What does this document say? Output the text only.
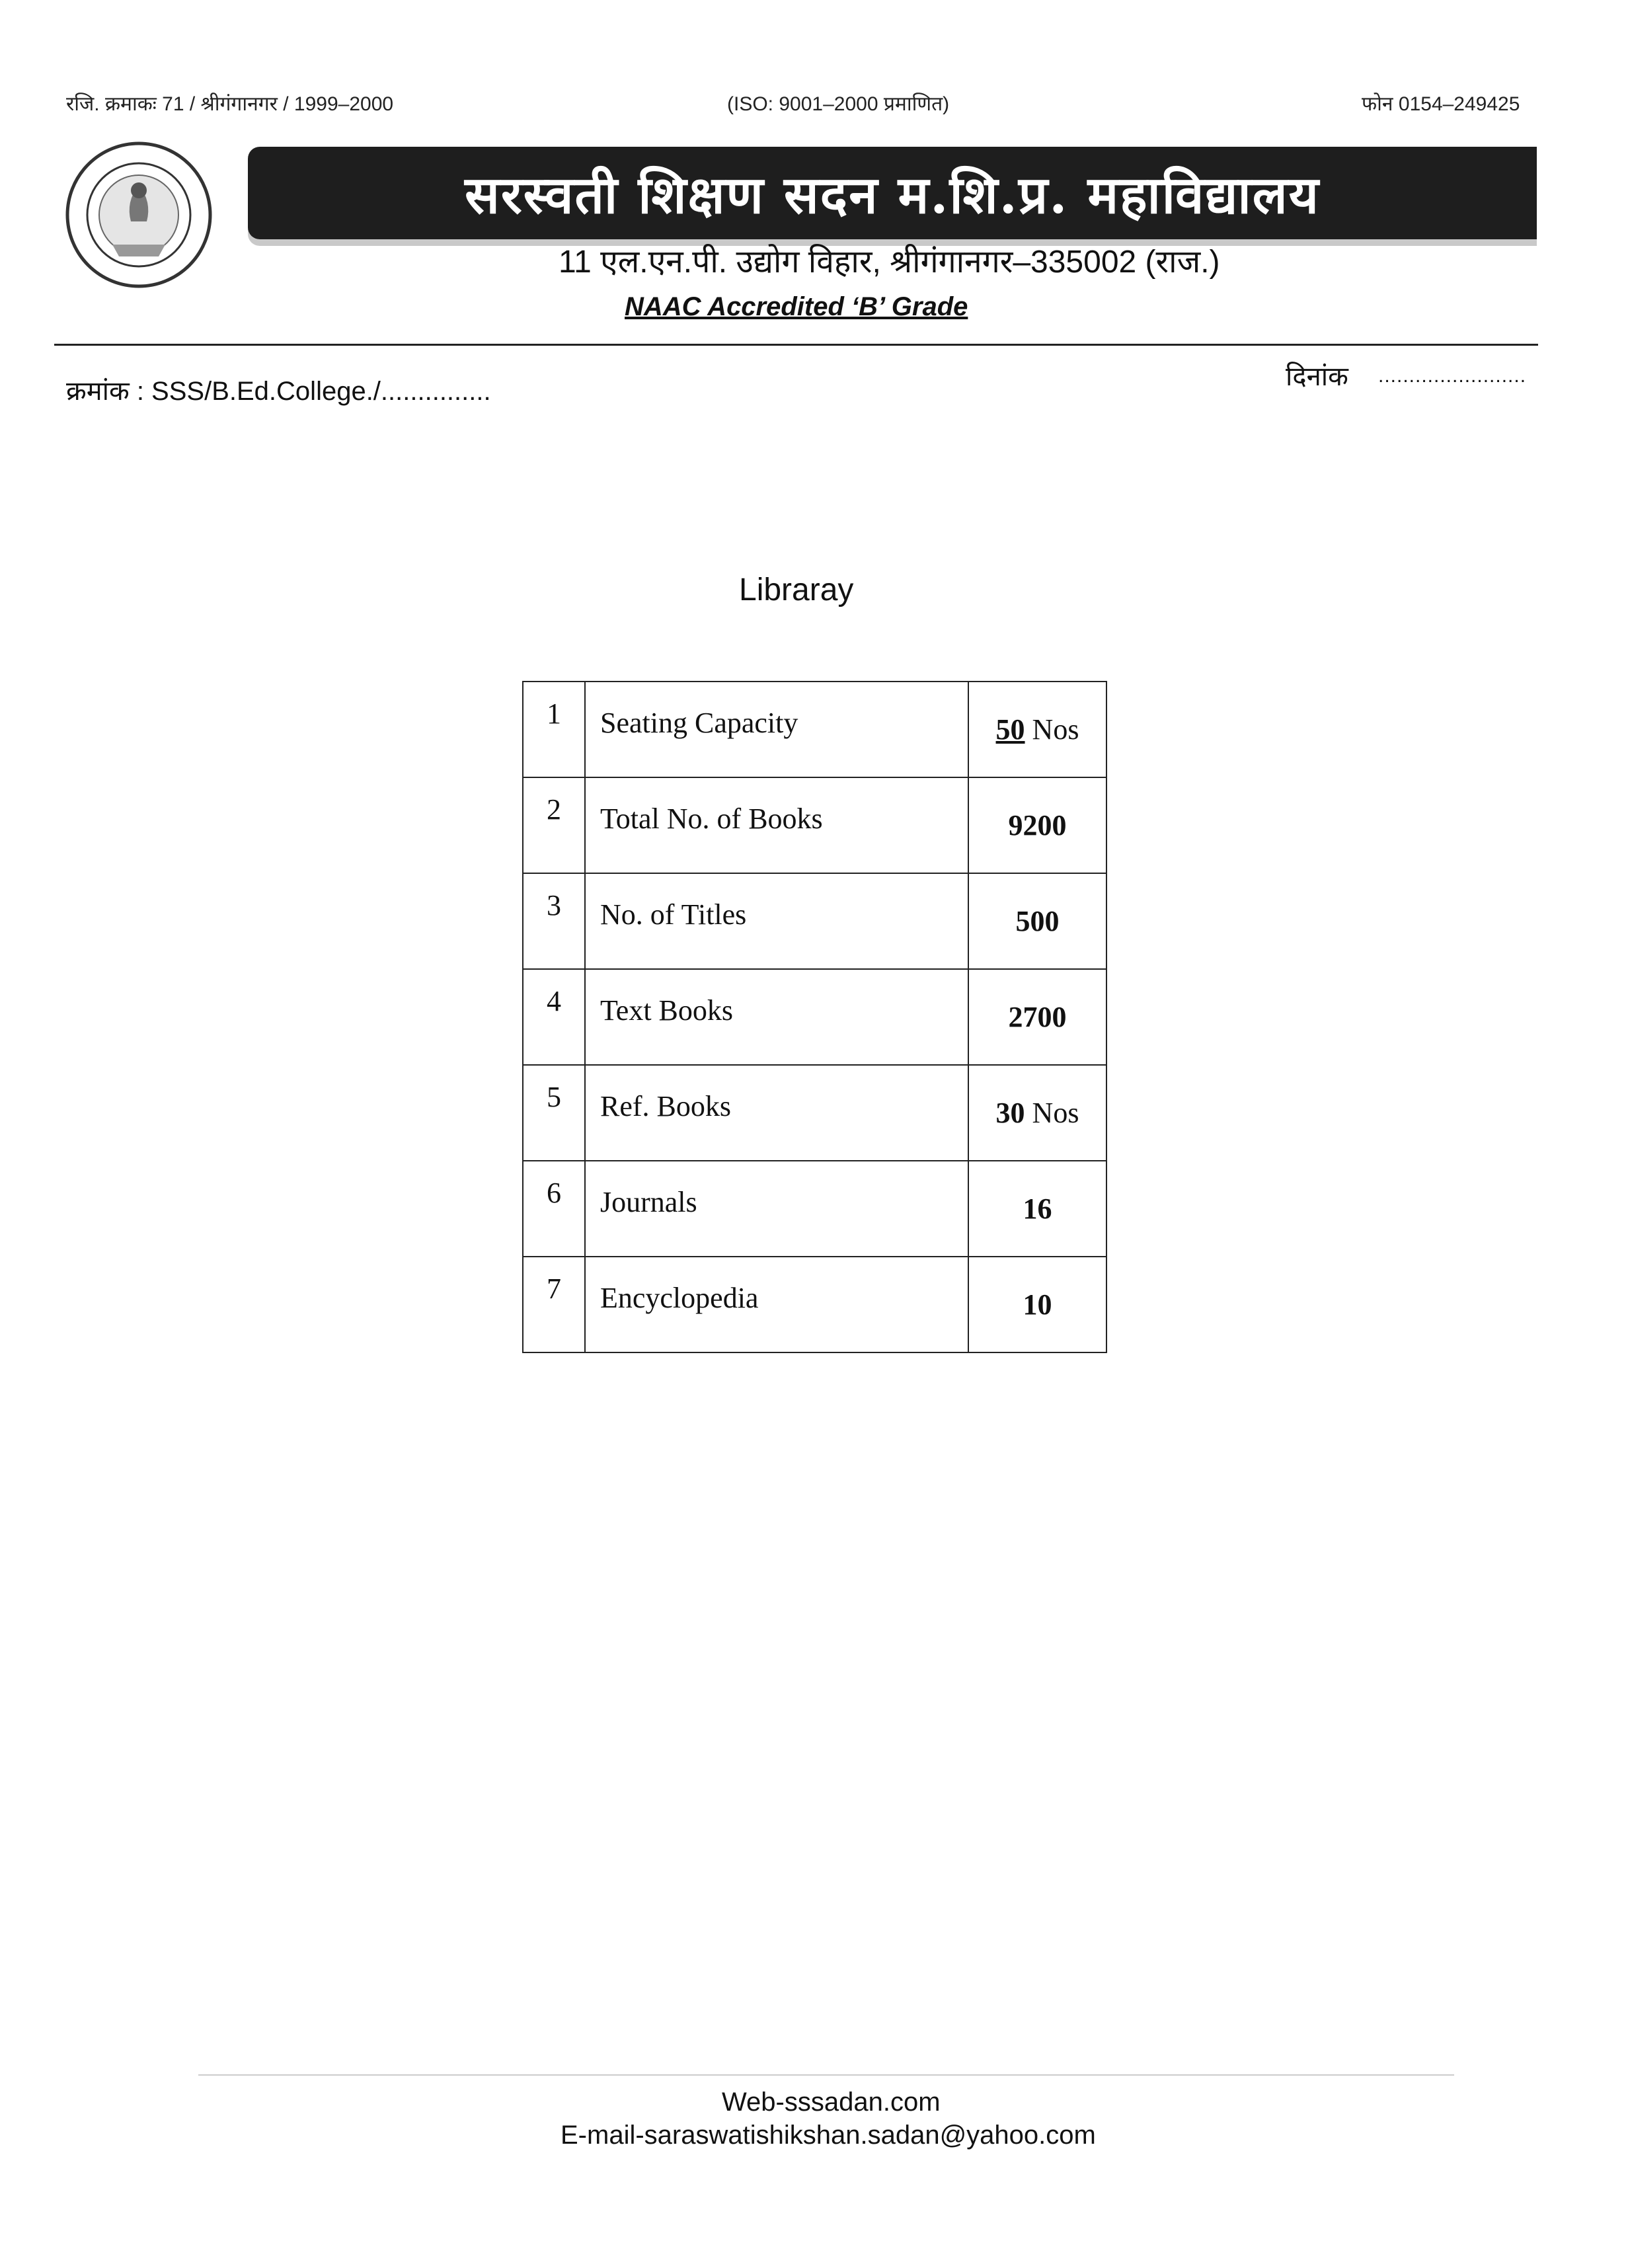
रजि. क्रमाकः 71 / श्रीगंगानगर / 1999–2000	(ISO: 9001–2000 प्रमाणित)	फोन 0154–249425
सरस्वती शिक्षण सदन म.शि.प्र. महाविद्यालय
11 एल.एन.पी. उद्योग विहार, श्रीगंगानगर–335002 (राज.)
NAAC Accredited ‘B’ Grade
क्रमांक : SSS/B.Ed.College./...............	दिनांक ........................
Libraray
1	Seating Capacity	50 Nos
2	Total No. of Books	9200
3	No. of Titles	500
4	Text Books	2700
5	Ref. Books	30 Nos
6	Journals	16
7	Encyclopedia	10
Web-sssadan.com
E-mail-saraswatishikshan.sadan@yahoo.com
